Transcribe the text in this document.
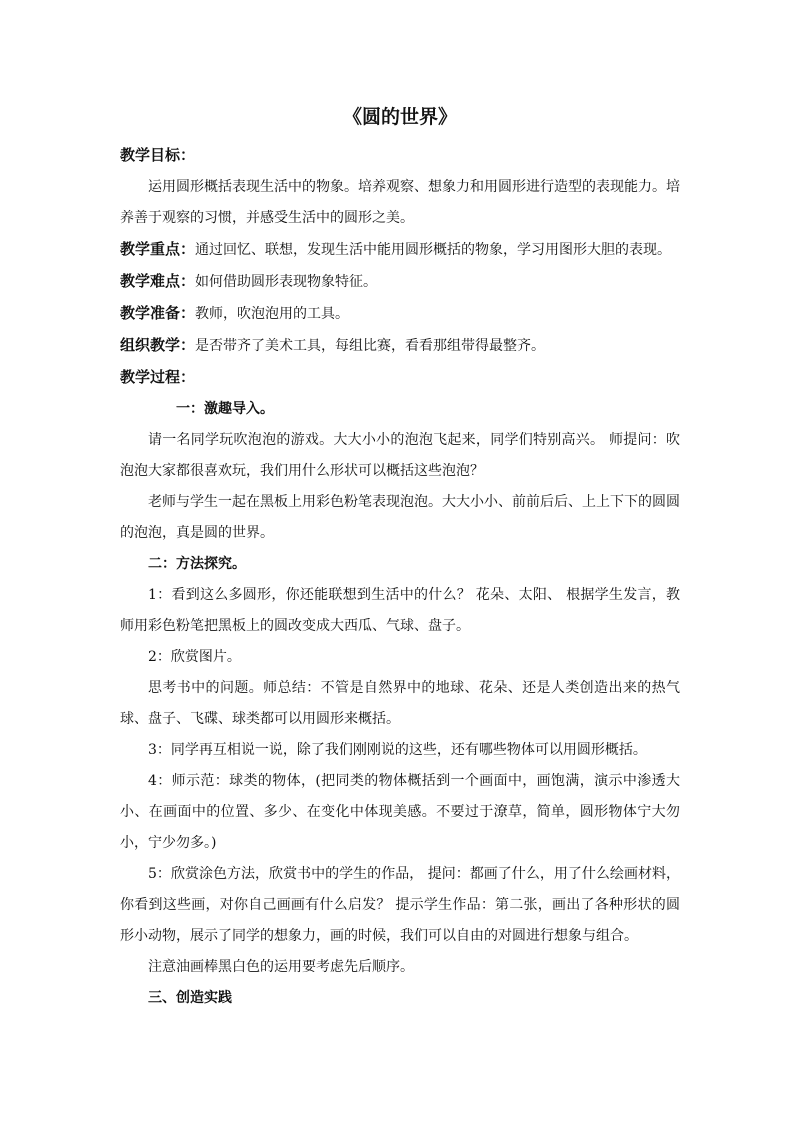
《圆的世界》

教学目标：

运用圆形概括表现生活中的物象。培养观察、想象力和用圆形进行造型的表现能力。培养善于观察的习惯，并感受生活中的圆形之美。

教学重点：通过回忆、联想，发现生活中能用圆形概括的物象，学习用图形大胆的表现。

教学难点：如何借助圆形表现物象特征。

教学准备：教师，吹泡泡用的工具。

组织教学：是否带齐了美术工具，每组比赛，看看那组带得最整齐。

教学过程：

一：激趣导入。

请一名同学玩吹泡泡的游戏。大大小小的泡泡飞起来，同学们特别高兴。 师提问：吹泡泡大家都很喜欢玩，我们用什么形状可以概括这些泡泡？

老师与学生一起在黑板上用彩色粉笔表现泡泡。大大小小、前前后后、上上下下的圆圆的泡泡，真是圆的世界。

二：方法探究。

1：看到这么多圆形，你还能联想到生活中的什么？ 花朵、太阳、 根据学生发言，教师用彩色粉笔把黑板上的圆改变成大西瓜、气球、盘子。

2：欣赏图片。

思考书中的问题。师总结：不管是自然界中的地球、花朵、还是人类创造出来的热气球、盘子、飞碟、球类都可以用圆形来概括。

3：同学再互相说一说，除了我们刚刚说的这些，还有哪些物体可以用圆形概括。

4：师示范：球类的物体，(把同类的物体概括到一个画面中，画饱满，演示中渗透大小、在画面中的位置、多少、在变化中体现美感。不要过于潦草，简单，圆形物体宁大勿小，宁少勿多。)

5：欣赏涂色方法，欣赏书中的学生的作品， 提问：都画了什么，用了什么绘画材料，你看到这些画，对你自己画画有什么启发？ 提示学生作品：第二张，画出了各种形状的圆形小动物，展示了同学的想象力，画的时候，我们可以自由的对圆进行想象与组合。

注意油画棒黑白色的运用要考虑先后顺序。

三、创造实践
